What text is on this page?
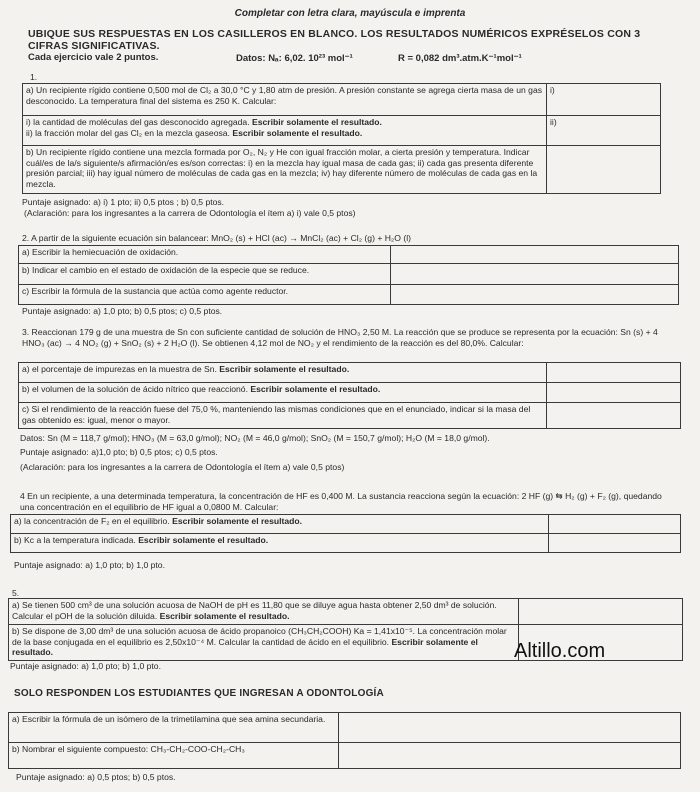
Completar con letra clara, mayúscula e imprenta
UBIQUE SUS RESPUESTAS EN LOS CASILLEROS EN BLANCO. LOS RESULTADOS NUMÉRICOS EXPRÉSELOS CON 3 CIFRAS SIGNIFICATIVAS.
Cada ejercicio vale 2 puntos.	Datos: Nₐ: 6,02. 10²³ mol⁻¹	R = 0,082 dm³.atm.K⁻¹mol⁻¹
1.
a) Un recipiente rígido contiene 0,500 mol de Cl₂ a 30,0 °C y 1,80 atm de presión. A presión constante se agrega cierta masa de un gas desconocido. La temperatura final del sistema es 250 K. Calcular:	i)

i) la cantidad de moléculas del gas desconocido agregada. Escribir solamente el resultado.
ii) la fracción molar del gas Cl₂ en la mezcla gaseosa. Escribir solamente el resultado.	ii)
b) Un recipiente rígido contiene una mezcla formada por O₂, N₂ y He con igual fracción molar, a cierta presión y temperatura. Indicar cuál/es de la/s siguiente/s afirmación/es es/son correctas: i) en la mezcla hay igual masa de cada gas; ii) cada gas presenta diferente presión parcial; iii) hay igual número de moléculas de cada gas en la mezcla; iv) hay diferente número de moléculas de cada gas en la mezcla.	
Puntaje asignado: a) i) 1 pto; ii) 0,5 ptos ; b) 0,5 ptos.
(Aclaración: para los ingresantes a la carrera de Odontología el ítem a) i) vale 0,5 ptos)
2. A partir de la siguiente ecuación sin balancear: MnO₂ (s) + HCl (ac) → MnCl₂ (ac) + Cl₂ (g) + H₂O (l)
a) Escribir la hemiecuación de oxidación.	
b) Indicar el cambio en el estado de oxidación de la especie que se reduce.	
c) Escribir la fórmula de la sustancia que actúa como agente reductor.	
Puntaje asignado: a) 1,0 pto; b) 0,5 ptos; c) 0,5 ptos.
3. Reaccionan 179 g de una muestra de Sn con suficiente cantidad de solución de HNO₃ 2,50 M. La reacción que se produce se representa por la ecuación: Sn (s) + 4 HNO₃ (ac) → 4 NO₂ (g) + SnO₂ (s) + 2 H₂O (l). Se obtienen 4,12 mol de NO₂ y el rendimiento de la reacción es del 80,0%. Calcular:
a) el porcentaje de impurezas en la muestra de Sn. Escribir solamente el resultado.	
b) el volumen de la solución de ácido nítrico que reaccionó. Escribir solamente el resultado.	
c) Si el rendimiento de la reacción fuese del 75,0 %, manteniendo las mismas condiciones que en el enunciado, indicar si la masa del gas obtenido es: igual, menor o mayor.	
Datos: Sn (M = 118,7 g/mol); HNO₃ (M = 63,0 g/mol); NO₂ (M = 46,0 g/mol); SnO₂ (M = 150,7 g/mol); H₂O (M = 18,0 g/mol).
Puntaje asignado: a)1,0 pto; b) 0,5 ptos; c) 0,5 ptos.
(Aclaración: para los ingresantes a la carrera de Odontología el ítem a) vale 0,5 ptos)
4 En un recipiente, a una determinada temperatura, la concentración de HF es 0,400 M. La sustancia reacciona según la ecuación: 2 HF (g) ⇆ H₂ (g) + F₂ (g), quedando una concentración en el equilibrio de HF igual a 0,0800 M. Calcular:
a) la concentración de F₂ en el equilibrio. Escribir solamente el resultado.	
b) Kc a la temperatura indicada. Escribir solamente el resultado.	
Puntaje asignado: a) 1,0 pto; b) 1,0 pto.
5.
a) Se tienen 500 cm³ de una solución acuosa de NaOH de pH es 11,80 que se diluye agua hasta obtener 2,50 dm³ de solución. Calcular el pOH de la solución diluida. Escribir solamente el resultado.	
b) Se dispone de 3,00 dm³ de una solución acuosa de ácido propanoico (CH₃CH₂COOH) Ka = 1,41x10⁻⁵. La concentración molar de la base conjugada en el equilibrio es 2,50x10⁻⁴ M. Calcular la cantidad de ácido en el equilibrio. Escribir solamente el resultado.	
Puntaje asignado: a) 1,0 pto; b) 1,0 pto.
Altillo.com
SOLO RESPONDEN LOS ESTUDIANTES QUE INGRESAN A ODONTOLOGÍA
a) Escribir la fórmula de un isómero de la trimetilamina que sea amina secundaria.	
b) Nombrar el siguiente compuesto: CH₃-CH₂-COO-CH₂-CH₃	
Puntaje asignado: a) 0,5 ptos; b) 0,5 ptos.
